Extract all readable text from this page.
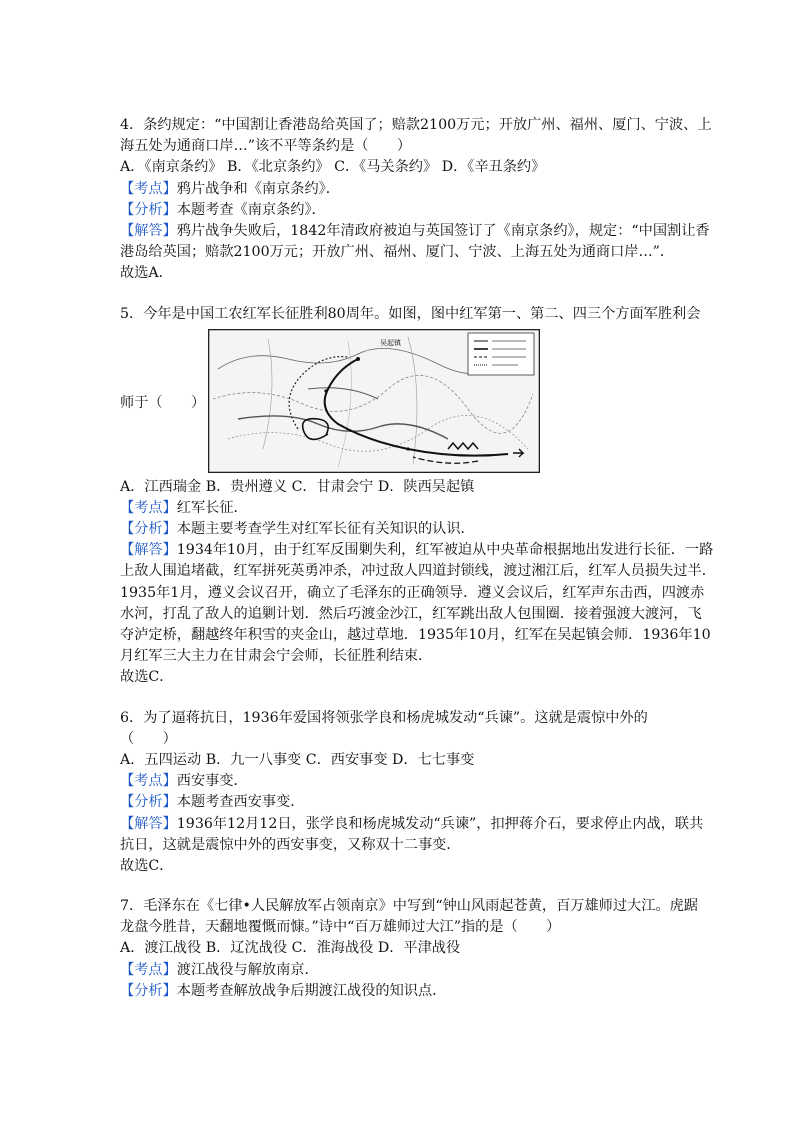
4．条约规定：“中国割让香港岛给英国了；赔款2100万元；开放广州、福州、厦门、宁波、上
海五处为通商口岸…”该不平等条约是（　　）
A．《南京条约》 B．《北京条约》 C．《马关条约》 D．《辛丑条约》
【考点】鸦片战争和《南京条约》．
【分析】本题考查《南京条约》．
【解答】鸦片战争失败后，1842年清政府被迫与英国签订了《南京条约》，规定：“中国割让香
港岛给英国；赔款2100万元；开放广州、福州、厦门、宁波、上海五处为通商口岸…”．
故选A．
5．今年是中国工农红军长征胜利80周年。如图，图中红军第一、第二、四三个方面军胜利会
师于（　　）
吴起镇
A．江西瑞金 B．贵州遵义 C．甘肃会宁 D．陕西吴起镇
【考点】红军长征．
【分析】本题主要考查学生对红军长征有关知识的认识．
【解答】1934年10月，由于红军反围剿失利，红军被迫从中央革命根据地出发进行长征．一路
上敌人围追堵截，红军拼死英勇冲杀，冲过敌人四道封锁线，渡过湘江后，红军人员损失过半．
1935年1月，遵义会议召开，确立了毛泽东的正确领导．遵义会议后，红军声东击西，四渡赤
水河，打乱了敌人的追剿计划．然后巧渡金沙江，红军跳出敌人包围圈．接着强渡大渡河，飞
夺泸定桥，翻越终年积雪的夹金山，越过草地．1935年10月，红军在吴起镇会师．1936年10
月红军三大主力在甘肃会宁会师，长征胜利结束．
故选C．
6．为了逼蒋抗日，1936年爱国将领张学良和杨虎城发动“兵谏”。这就是震惊中外的
（　　）
A．五四运动 B．九一八事变 C．西安事变 D．七七事变
【考点】西安事变．
【分析】本题考查西安事变．
【解答】1936年12月12日，张学良和杨虎城发动“兵谏”，扣押蒋介石，要求停止内战，联共
抗日，这就是震惊中外的西安事变，又称双十二事变．
故选C．
7．毛泽东在《七律•人民解放军占领南京》中写到“钟山风雨起苍黄，百万雄师过大江。虎踞
龙盘今胜昔，天翻地覆慨而慷。”诗中“百万雄师过大江”指的是（　　）
A．渡江战役 B．辽沈战役 C．淮海战役 D．平津战役
【考点】渡江战役与解放南京．
【分析】本题考查解放战争后期渡江战役的知识点．
